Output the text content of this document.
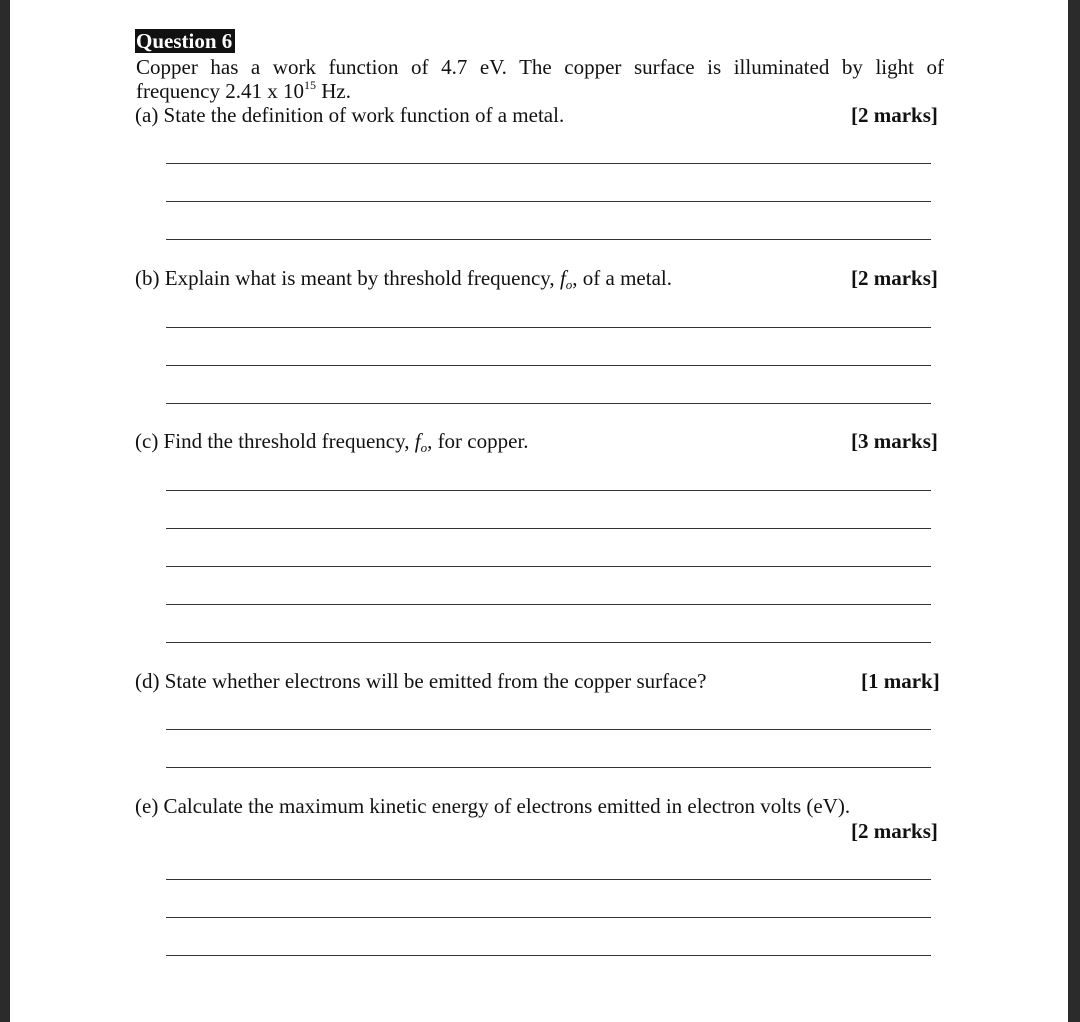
Question 6
Copper has a work function of 4.7 eV. The copper surface is illuminated by light of
frequency 2.41 x $10^{15}$ Hz.
(a) State the definition of work function of a metal.	[2 marks]
(b) Explain what is meant by threshold frequency, $f_o$, of a metal.	[2 marks]
(c) Find the threshold frequency, $f_o$, for copper.	[3 marks]
(d) State whether electrons will be emitted from the copper surface?	[1 mark]
(e) Calculate the maximum kinetic energy of electrons emitted in electron volts (eV).
[2 marks]
